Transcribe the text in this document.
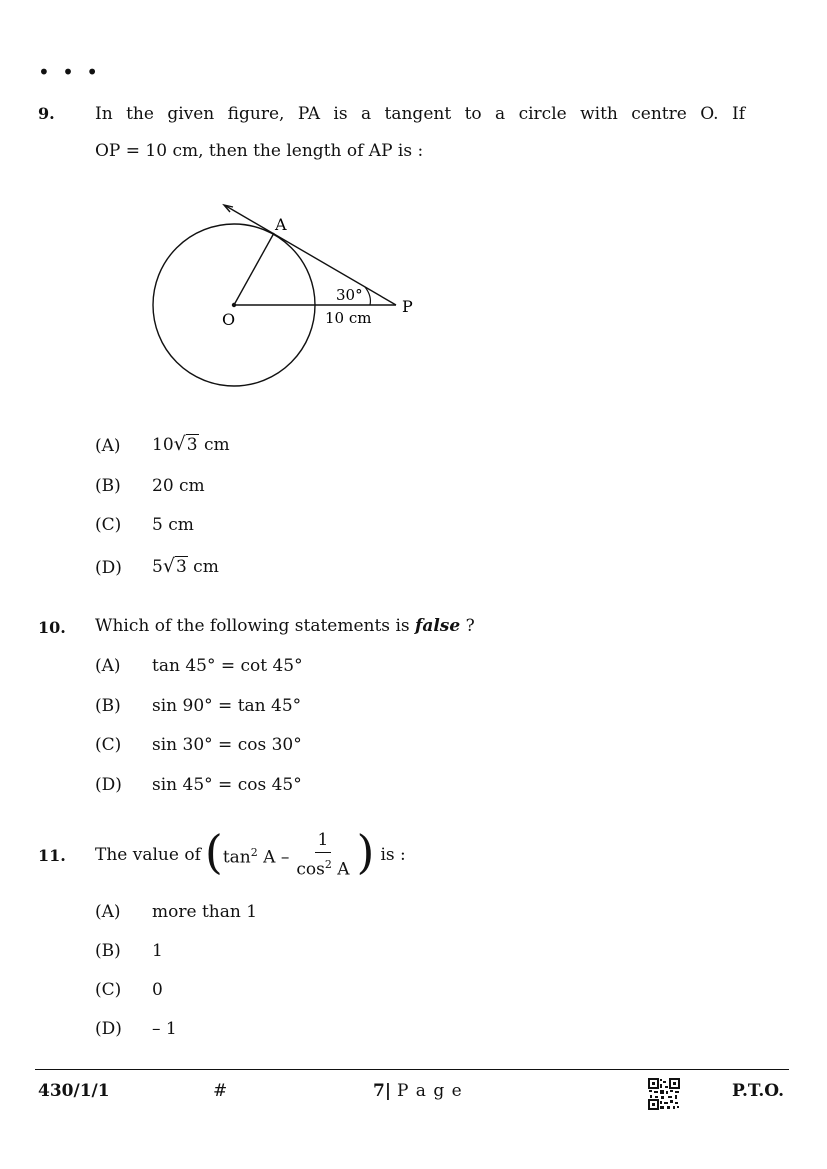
• • •
9. In the given figure, PA is a tangent to a circle with centre O. If
OP = 10 cm, then the length of AP is :
A
O
P
30°
10 cm
(A) 10√3 cm
(B) 20 cm
(C) 5 cm
(D) 5√3 cm
10. Which of the following statements is false ?
(A) tan 45° = cot 45°
(B) sin 90° = tan 45°
(C) sin 30° = cos 30°
(D) sin 45° = cos 45°
11. The value of ( $\tan^2 A - \frac{1}{\cos^2 A}$ ) is :
(A) more than 1
(B) 1
(C) 0
(D) – 1
430/1/1	#	7| P a g e	P.T.O.
